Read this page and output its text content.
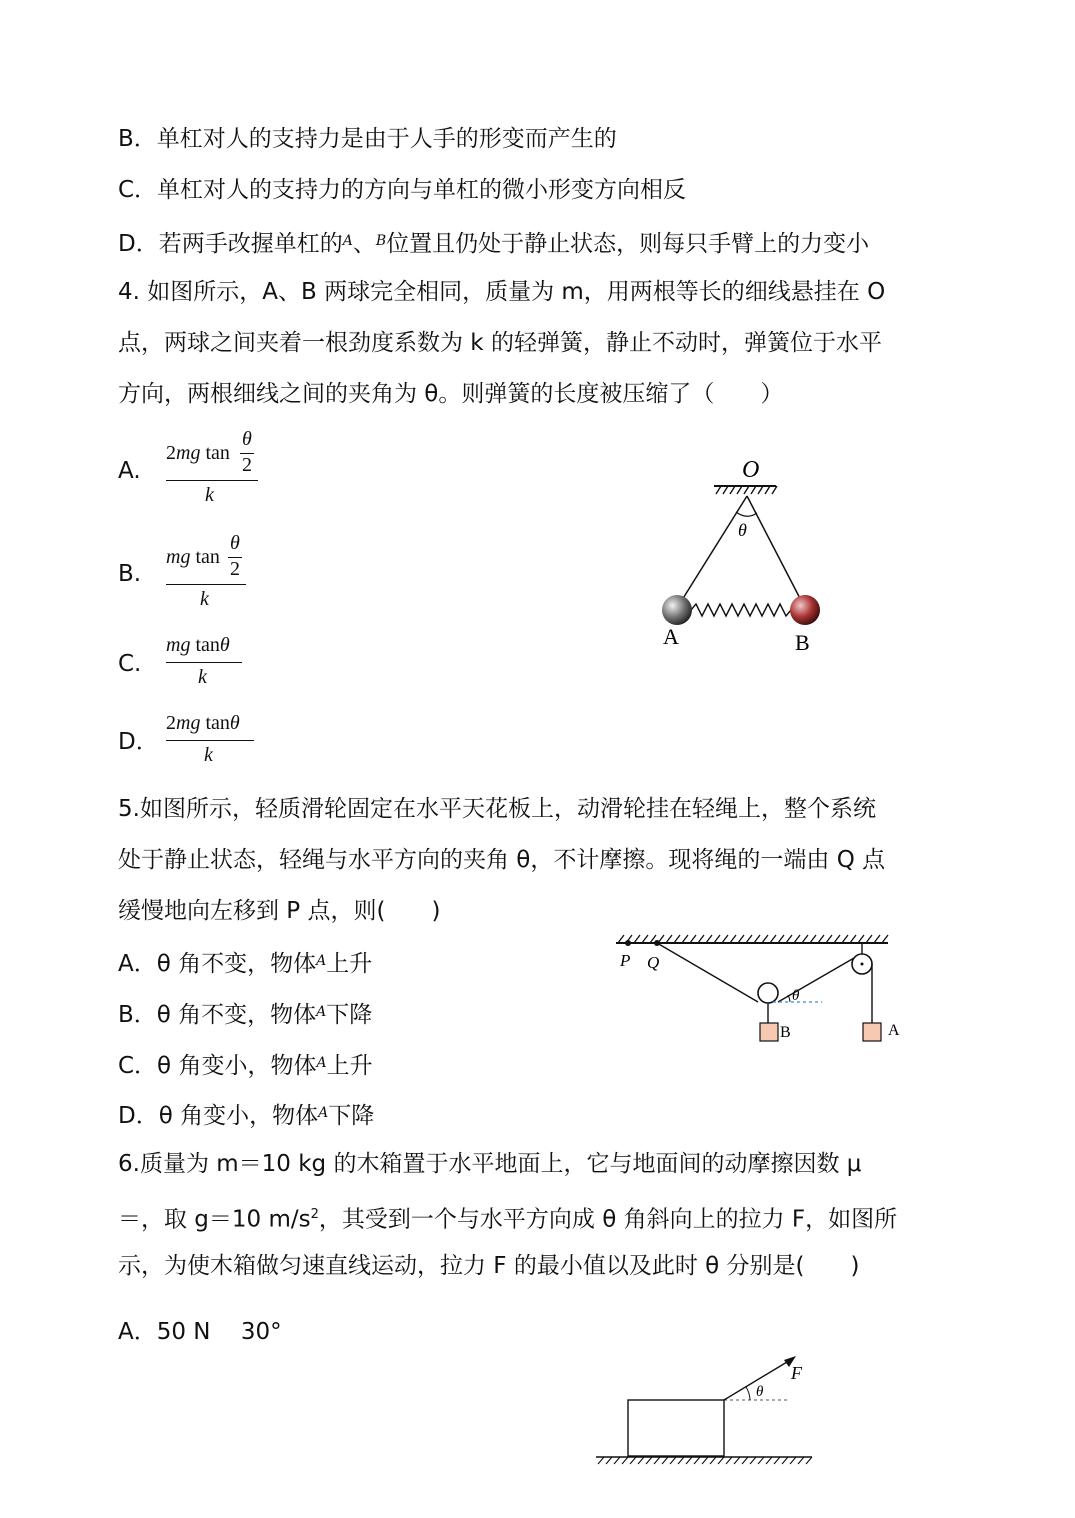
B．单杠对人的支持力是由于人手的形变而产生的
C．单杠对人的支持力的方向与单杠的微小形变方向相反
D．若两手改握单杠的$^A$、$^B$位置且仍处于静止状态，则每只手臂上的力变小
4. 如图所示，A、B 两球完全相同，质量为 m，用两根等长的细线悬挂在 O
点，两球之间夹着一根劲度系数为 k 的轻弹簧，静止不动时，弹簧位于水平
方向，两根细线之间的夹角为 θ。则弹簧的长度被压缩了（　　）
A.
2mg tan
θ
2
k
B.
mg tan
θ
2
k
C.
mg tanθ
k
D．
2mg tanθ
k
O
θ
A	B
5.如图所示，轻质滑轮固定在水平天花板上，动滑轮挂在轻绳上，整个系统
处于静止状态，轻绳与水平方向的夹角 θ，不计摩擦。现将绳的一端由 Q 点
缓慢地向左移到 P 点，则(　　)
A．θ 角不变，物体$^A$上升
B．θ 角不变，物体$^A$下降
C．θ 角变小，物体$^A$上升
D．θ 角变小，物体$^A$下降
P Q
θ
B	A
6.质量为 m＝10 kg 的木箱置于水平地面上，它与地面间的动摩擦因数 μ
＝，取 g＝10 $m/s^2$，其受到一个与水平方向成 θ 角斜向上的拉力 F，如图所
示，为使木箱做匀速直线运动，拉力 F 的最小值以及此时 θ 分别是(　　)
A．50 N　 30°
θ
F
